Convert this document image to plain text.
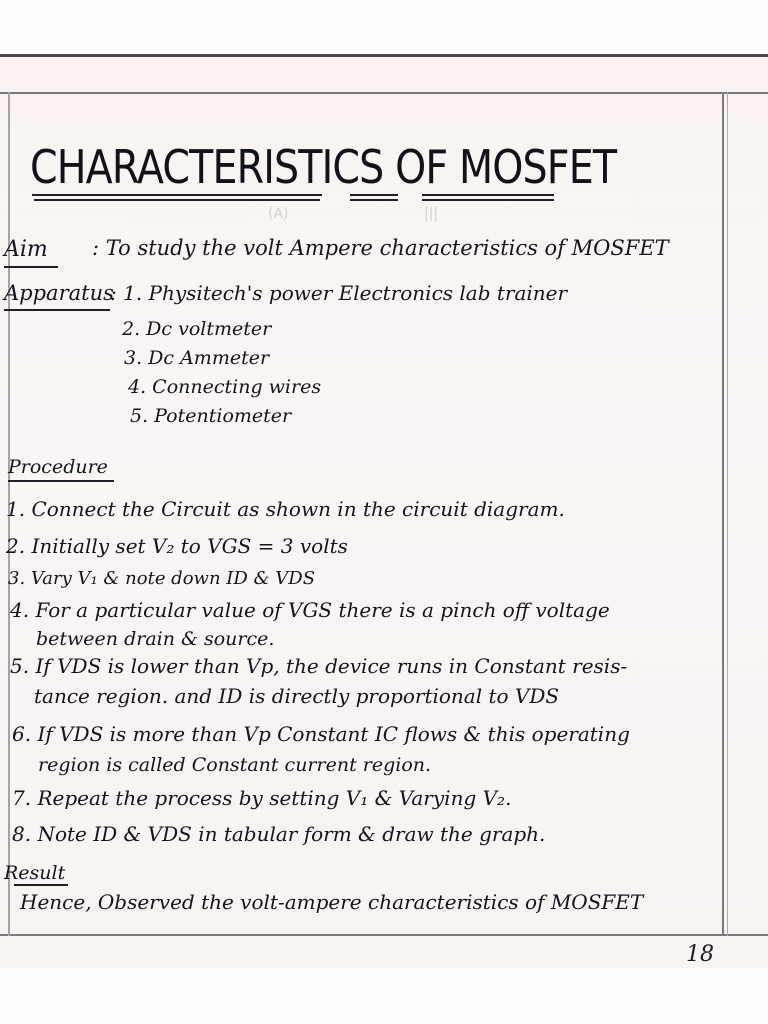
(A)	|||
CHARACTERISTICS OF MOSFET
Aim : To study the volt Ampere characteristics of MOSFET
Apparatus
: 1. Physitech's power Electronics lab trainer
2. Dc voltmeter
3. Dc Ammeter
4. Connecting wires
5. Potentiometer
Procedure
1. Connect the Circuit as shown in the circuit diagram.
2. Initially set V₂ to VGS = 3 volts
3. Vary V₁ & note down ID & VDS
4. For a particular value of VGS there is a pinch off voltage
between drain & source.
5. If VDS is lower than Vp, the device runs in Constant resis-
tance region. and ID is directly proportional to VDS
6. If VDS is more than Vp Constant IC flows & this operating
region is called Constant current region.
7. Repeat the process by setting V₁ & Varying V₂.
8. Note ID & VDS in tabular form & draw the graph.
Result
Hence, Observed the volt-ampere characteristics of MOSFET
18
